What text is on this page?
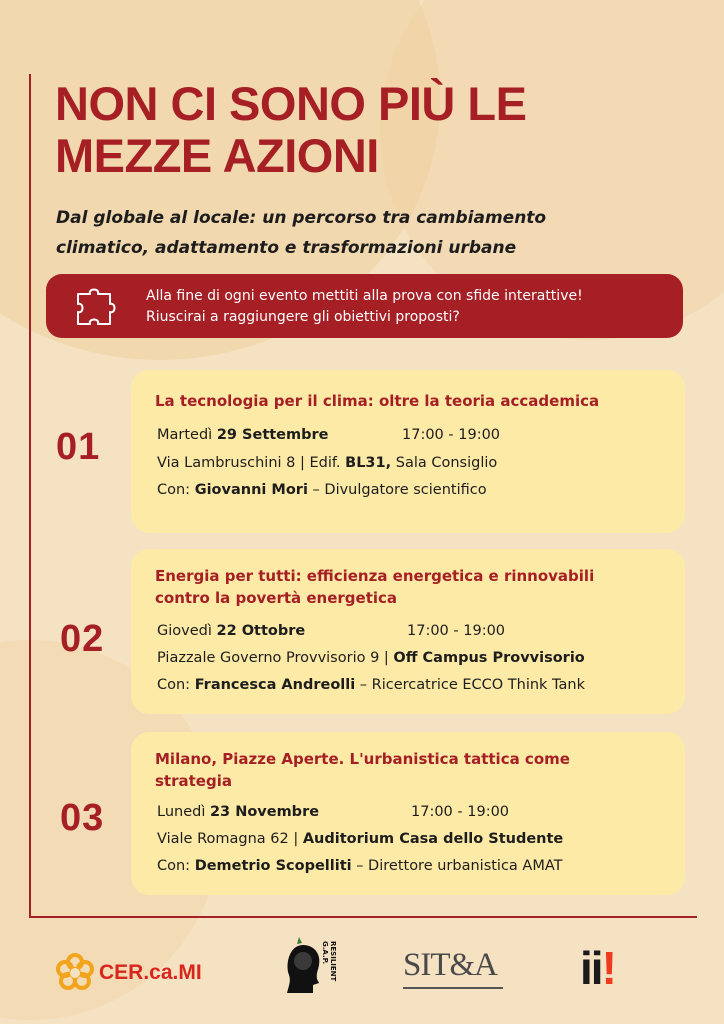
NON CI SONO PIÙ LE
MEZZE AZIONI
Dal globale al locale: un percorso tra cambiamento
climatico, adattamento e trasformazioni urbane
Alla fine di ogni evento mettiti alla prova con sfide interattive!
Riuscirai a raggiungere gli obiettivi proposti?
01
La tecnologia per il clima: oltre la teoria accademica
Martedì 29 Settembre	17:00 - 19:00
Via Lambruschini 8 | Edif. BL31, Sala Consiglio
Con: Giovanni Mori – Divulgatore scientifico
02
Energia per tutti: efficienza energetica e rinnovabili
contro la povertà energetica
Giovedì 22 Ottobre	17:00 - 19:00
Piazzale Governo Provvisorio 9 | Off Campus Provvisorio
Con: Francesca Andreolli – Ricercatrice ECCO Think Tank
03
Milano, Piazze Aperte. L'urbanistica tattica come
strategia
Lunedì 23 Novembre	17:00 - 19:00
Viale Romagna 62 | Auditorium Casa dello Studente
Con: Demetrio Scopelliti – Direttore urbanistica AMAT
CER.ca.MI	RESILIENT G.A.P. SIT&A ii!
